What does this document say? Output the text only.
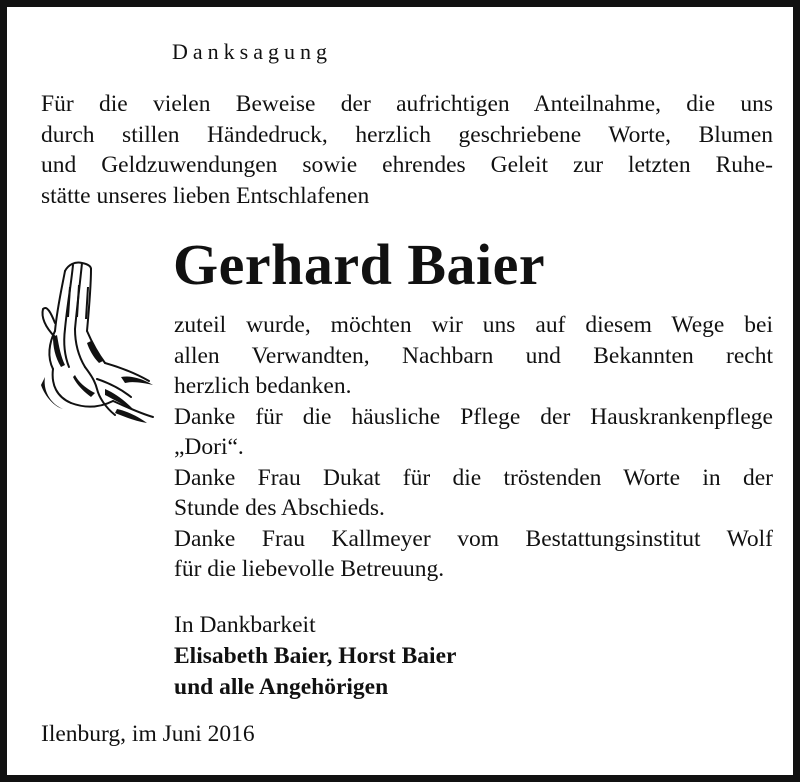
Danksagung
Für die vielen Beweise der aufrichtigen Anteilnahme, die uns
durch stillen Händedruck, herzlich geschriebene Worte, Blumen
und Geldzuwendungen sowie ehrendes Geleit zur letzten Ruhe-
stätte unseres lieben Entschlafenen
Gerhard Baier
zuteil wurde, möchten wir uns auf diesem Wege bei
allen Verwandten, Nachbarn und Bekannten recht
herzlich bedanken.
Danke für die häusliche Pflege der Hauskrankenpflege
„Dori“.
Danke Frau Dukat für die tröstenden Worte in der
Stunde des Abschieds.
Danke Frau Kallmeyer vom Bestattungsinstitut Wolf
für die liebevolle Betreuung.
In Dankbarkeit
Elisabeth Baier, Horst Baier
und alle Angehörigen
Ilenburg, im Juni 2016
